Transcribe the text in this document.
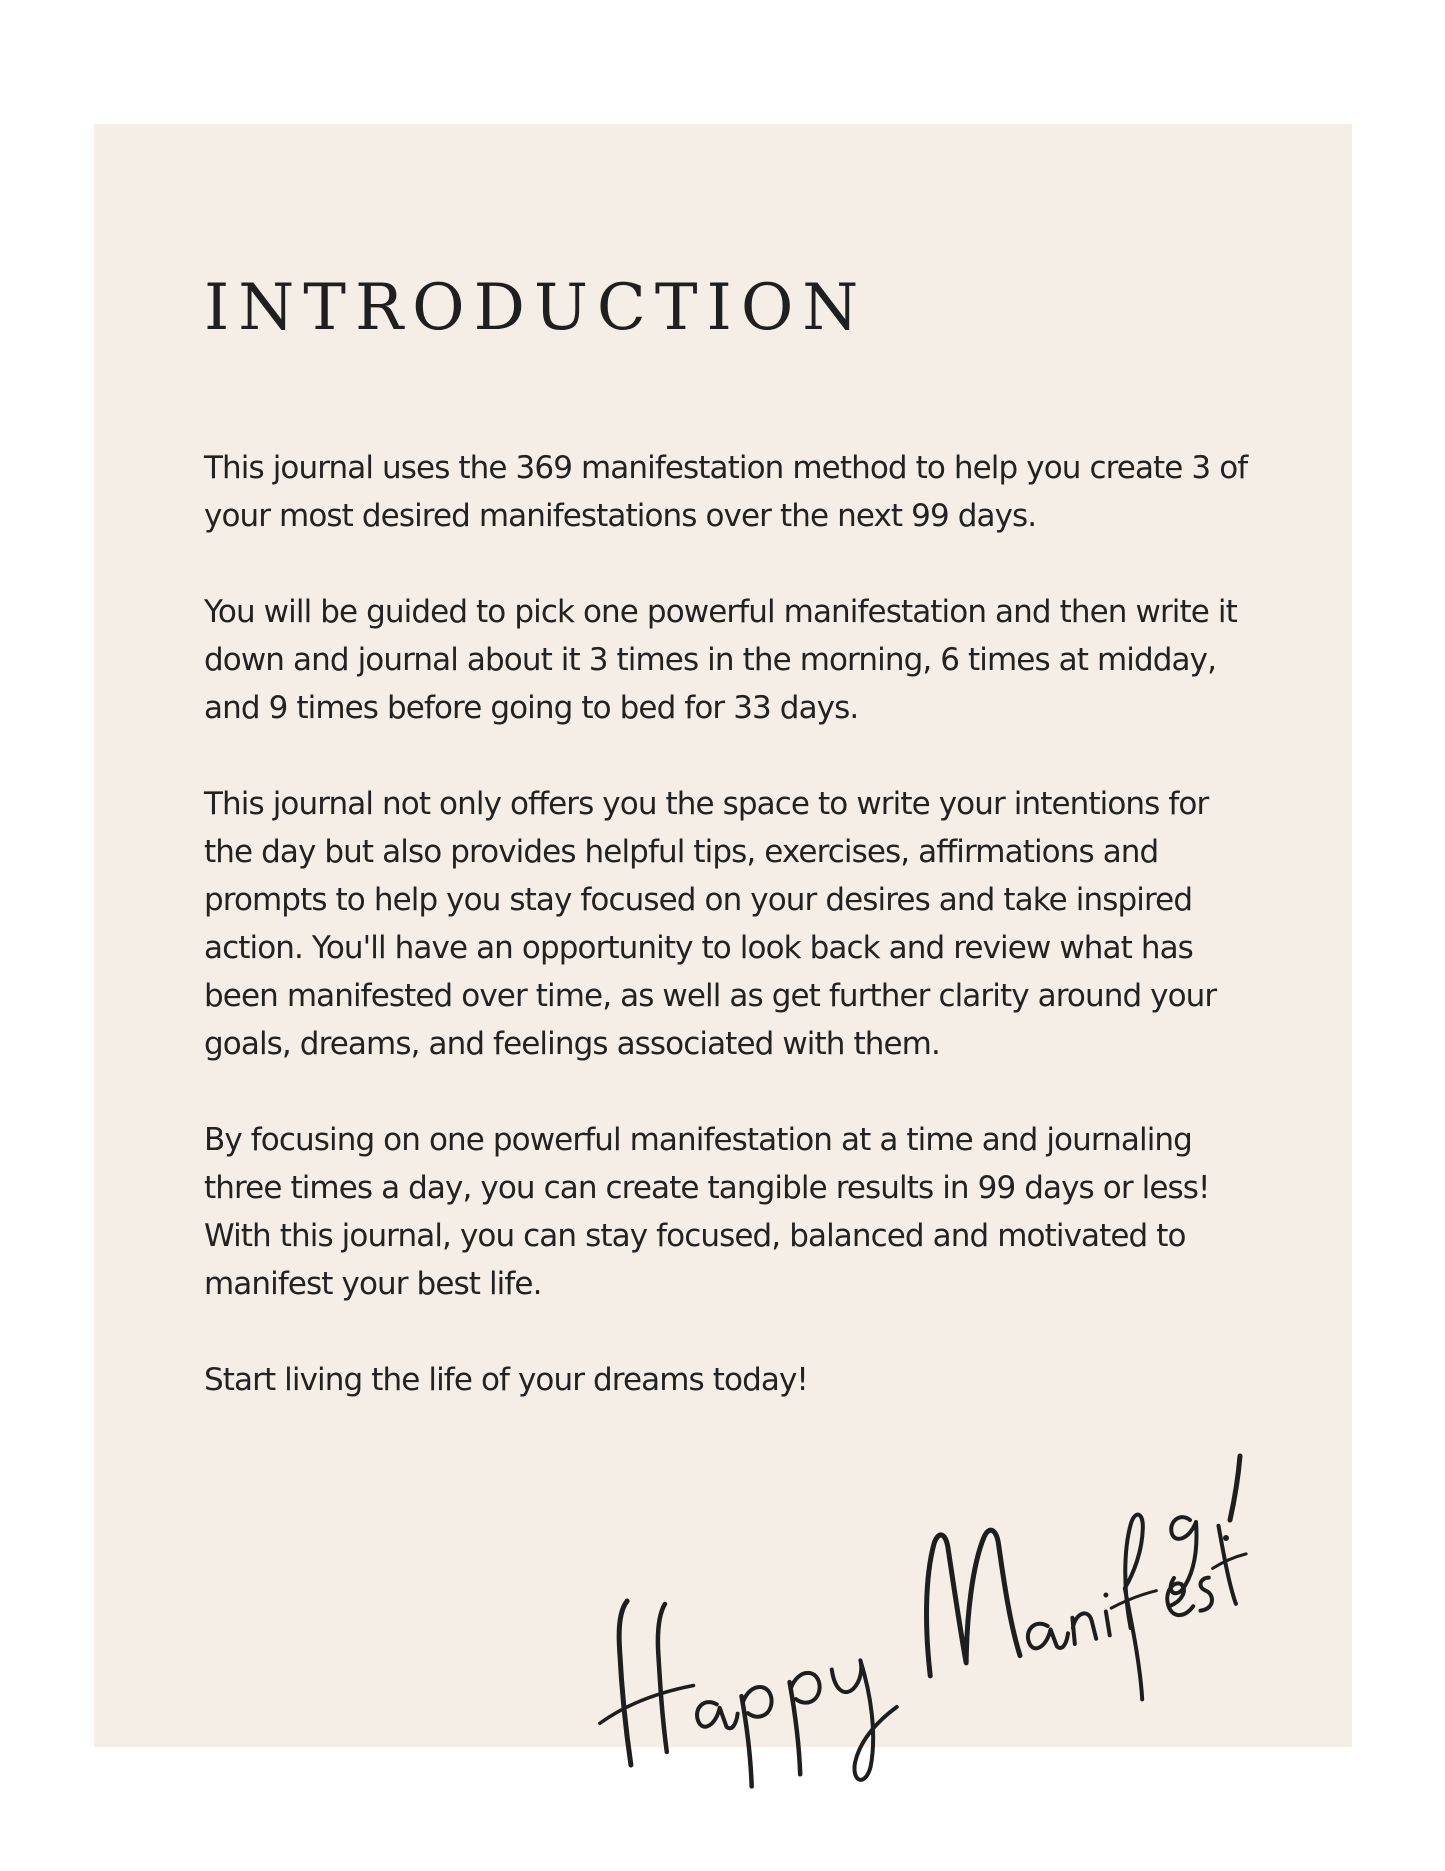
INTRODUCTION

This journal uses the 369 manifestation method to help you create 3 of your most desired manifestations over the next 99 days.

You will be guided to pick one powerful manifestation and then write it down and journal about it 3 times in the morning, 6 times at midday, and 9 times before going to bed for 33 days.

This journal not only offers you the space to write your intentions for the day but also provides helpful tips, exercises, affirmations and prompts to help you stay focused on your desires and take inspired action. You'll have an opportunity to look back and review what has been manifested over time, as well as get further clarity around your goals, dreams, and feelings associated with them.

By focusing on one powerful manifestation at a time and journaling three times a day, you can create tangible results in 99 days or less! With this journal, you can stay focused, balanced and motivated to manifest your best life.

Start living the life of your dreams today!
